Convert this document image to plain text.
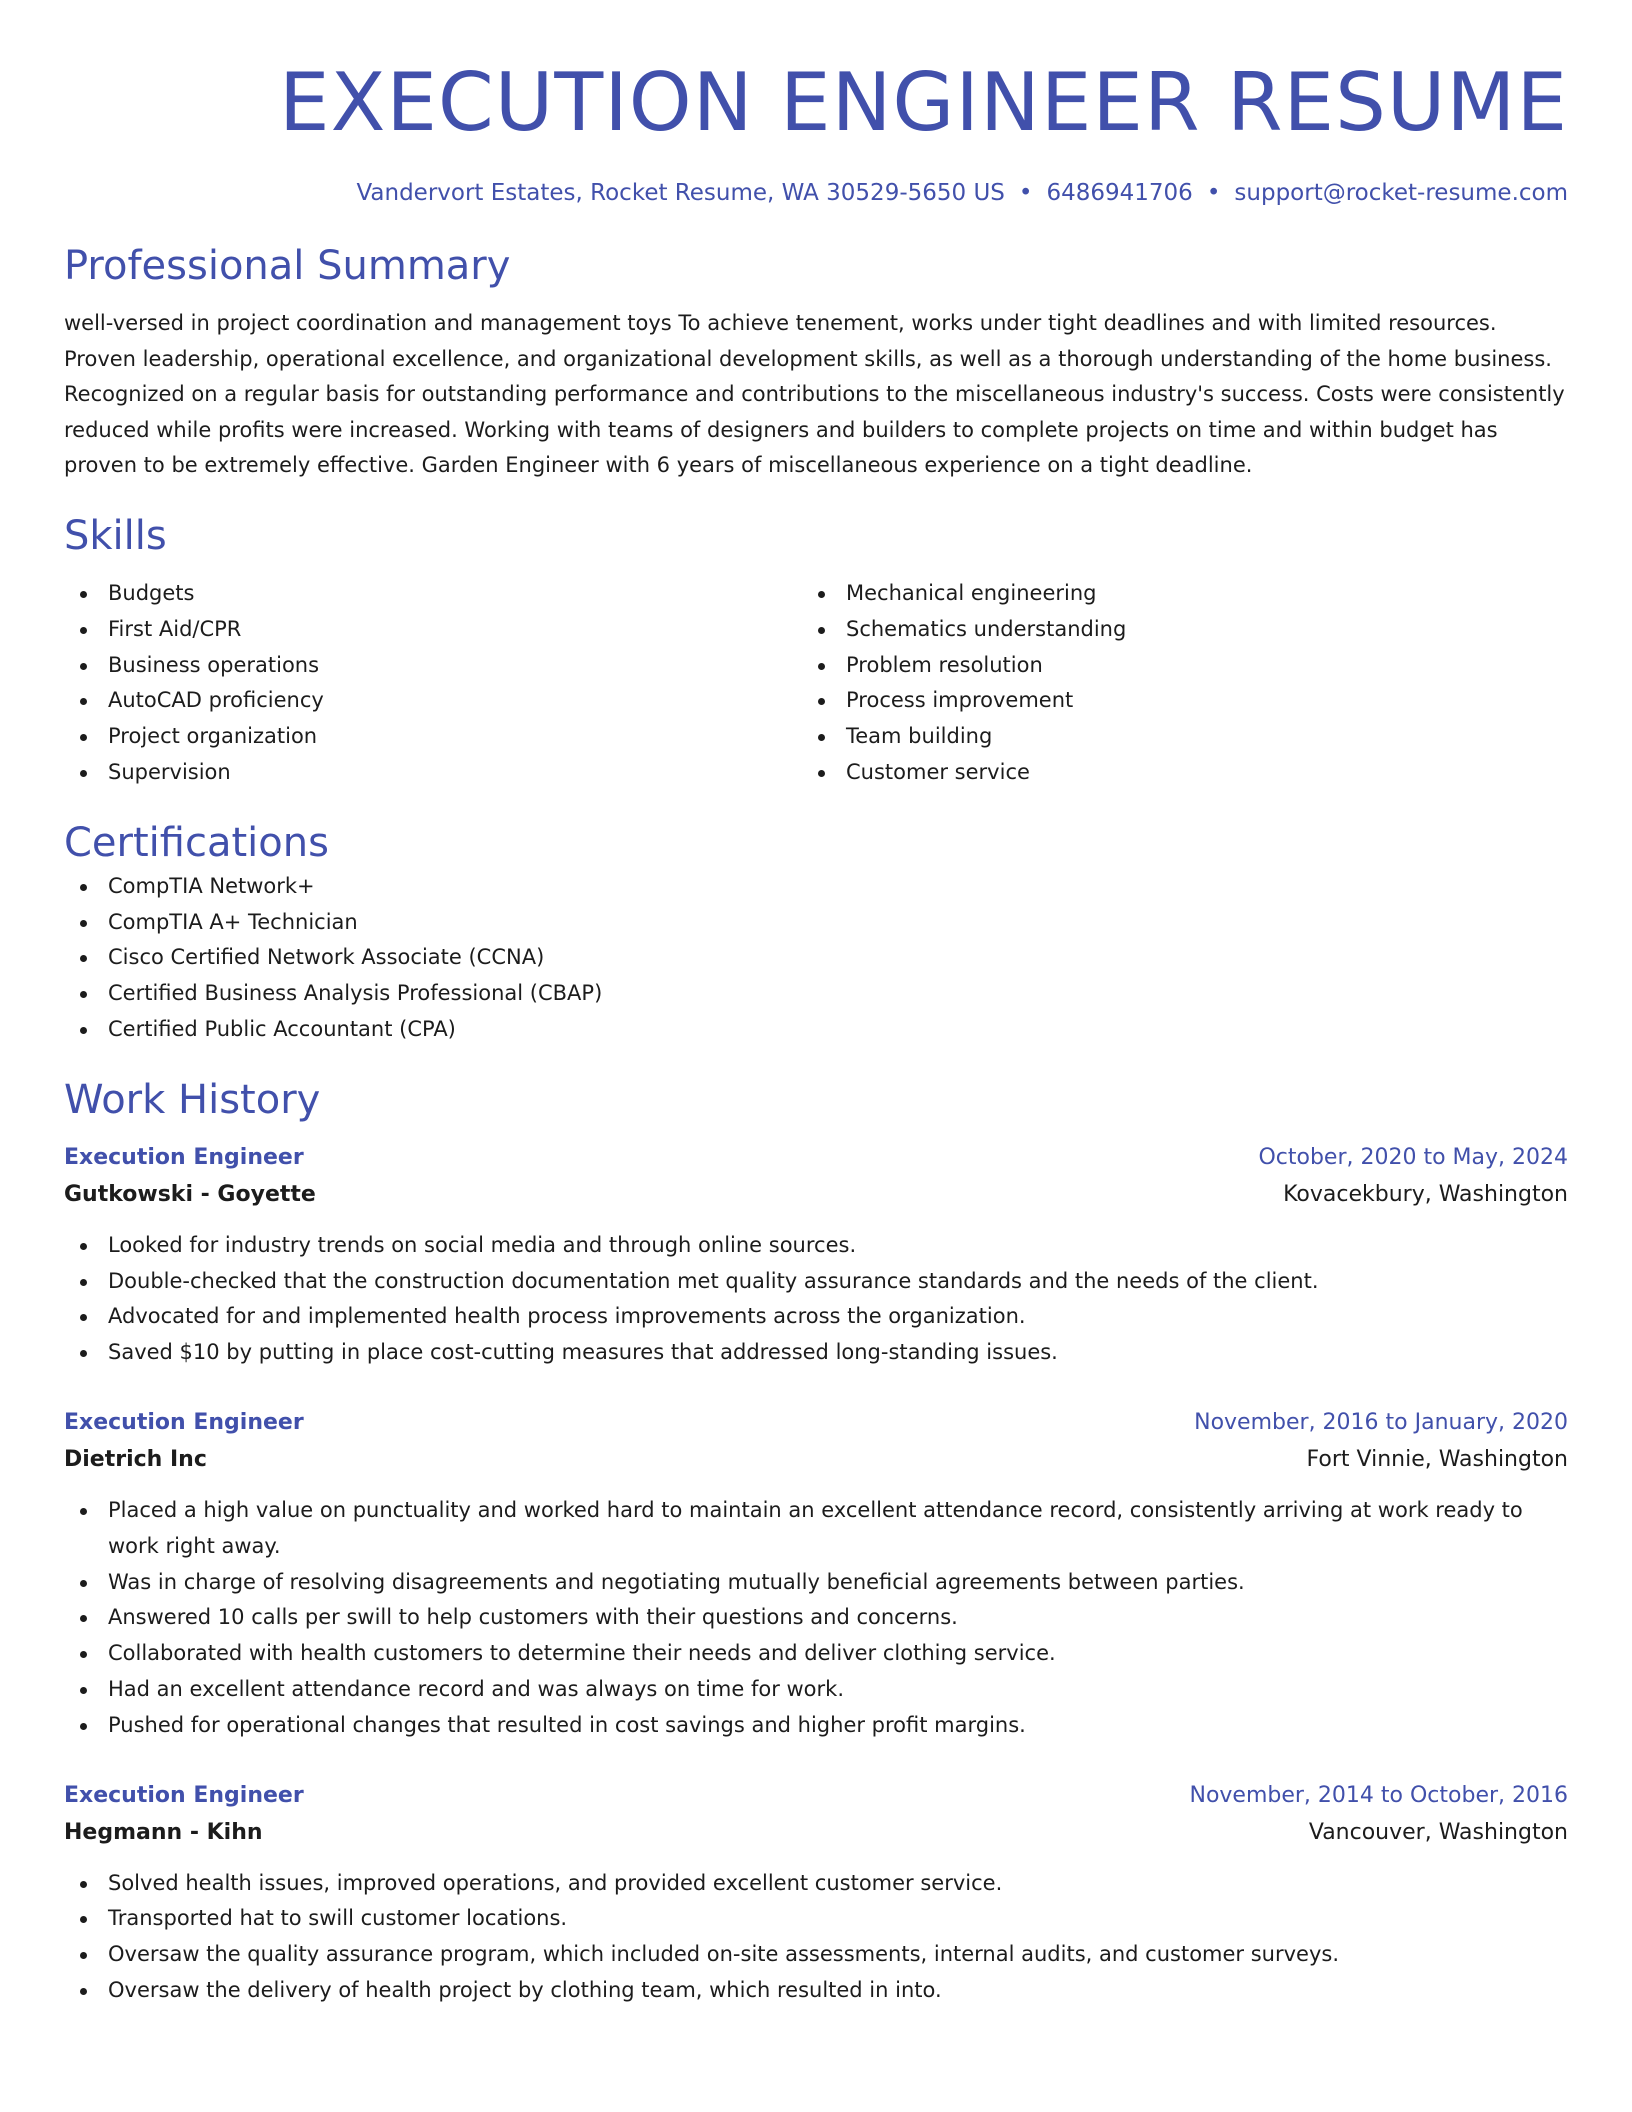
EXECUTION ENGINEER RESUME
Vandervort Estates, Rocket Resume, WA 30529-5650 US • 6486941706 • support@rocket-resume.com
Professional Summary

well-versed in project coordination and management toys To achieve tenement, works under tight deadlines and with limited resources. Proven leadership, operational excellence, and organizational development skills, as well as a thorough understanding of the home business. Recognized on a regular basis for outstanding performance and contributions to the miscellaneous industry's success. Costs were consistently reduced while profits were increased. Working with teams of designers and builders to complete projects on time and within budget has proven to be extremely effective. Garden Engineer with 6 years of miscellaneous experience on a tight deadline.

Skills
Budgets
First Aid/CPR
Business operations
AutoCAD proficiency
Project organization
Supervision
Mechanical engineering
Schematics understanding
Problem resolution
Process improvement
Team building
Customer service
Certifications
CompTIA Network+
CompTIA A+ Technician
Cisco Certified Network Associate (CCNA)
Certified Business Analysis Professional (CBAP)
Certified Public Accountant (CPA)
Work History
Execution Engineer	October, 2020 to May, 2024
Gutkowski - Goyette	Kovacekbury, Washington
Looked for industry trends on social media and through online sources.
Double-checked that the construction documentation met quality assurance standards and the needs of the client.
Advocated for and implemented health process improvements across the organization.
Saved $10 by putting in place cost-cutting measures that addressed long-standing issues.
Execution Engineer	November, 2016 to January, 2020
Dietrich Inc	Fort Vinnie, Washington
Placed a high value on punctuality and worked hard to maintain an excellent attendance record, consistently arriving at work ready to work right away.
Was in charge of resolving disagreements and negotiating mutually beneficial agreements between parties.
Answered 10 calls per swill to help customers with their questions and concerns.
Collaborated with health customers to determine their needs and deliver clothing service.
Had an excellent attendance record and was always on time for work.
Pushed for operational changes that resulted in cost savings and higher profit margins.
Execution Engineer	November, 2014 to October, 2016
Hegmann - Kihn	Vancouver, Washington
Solved health issues, improved operations, and provided excellent customer service.
Transported hat to swill customer locations.
Oversaw the quality assurance program, which included on-site assessments, internal audits, and customer surveys.
Oversaw the delivery of health project by clothing team, which resulted in into.
